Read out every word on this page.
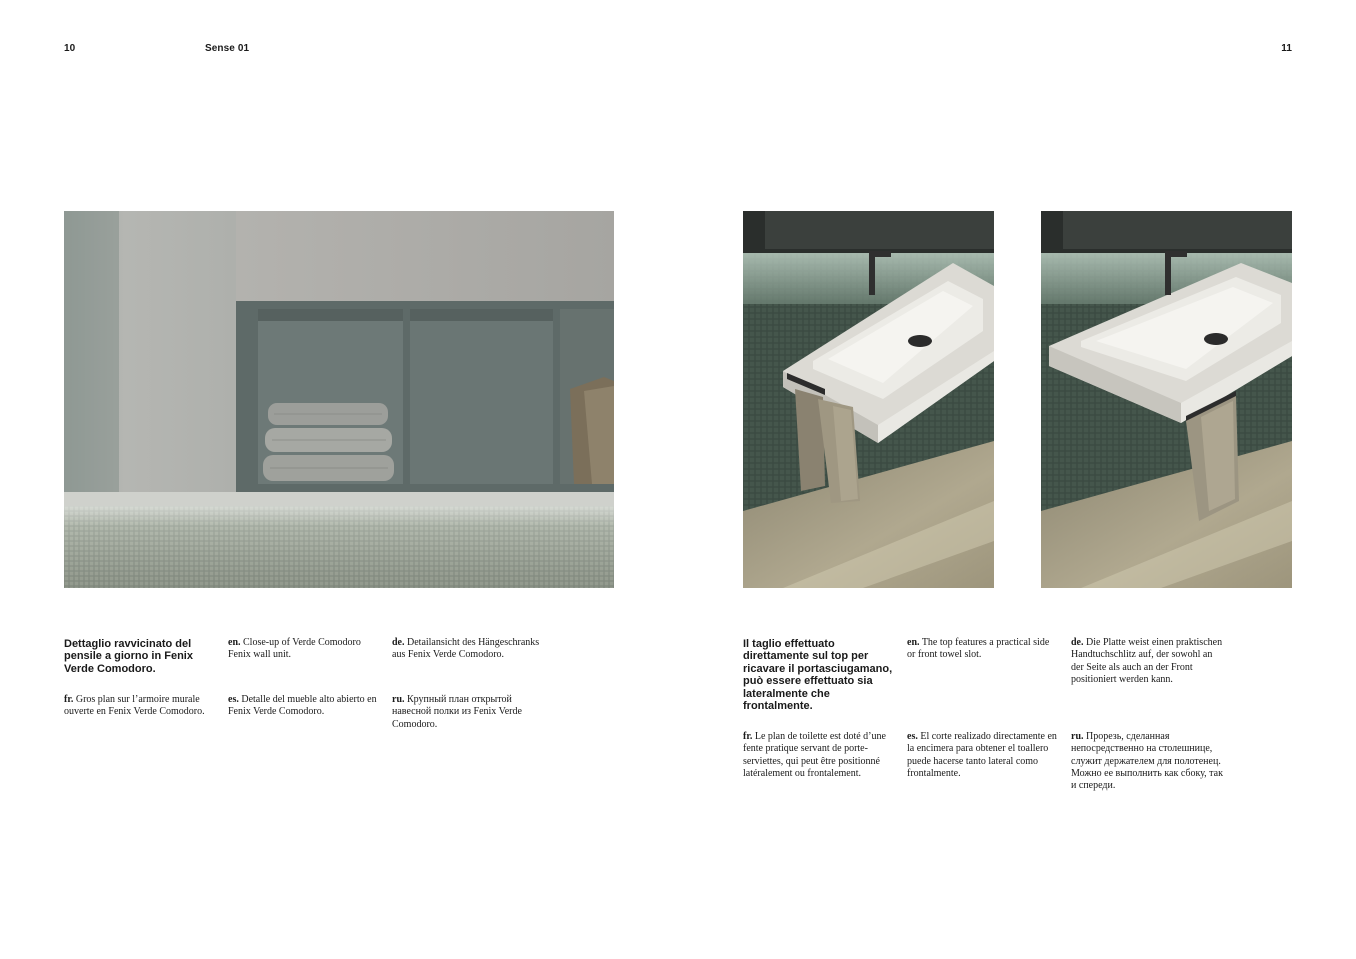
10	Sense 01	11
Dettaglio ravvicinato del pensile a giorno in Fenix Verde Comodoro.
en. Close-up of Verde Comodoro Fenix wall unit.
de. Detailansicht des Hängeschranks aus Fenix Verde Comodoro.
fr. Gros plan sur l’armoire murale ouverte en Fenix Verde Comodoro.
es. Detalle del mueble alto abierto en Fenix Verde Comodoro.
ru. Крупный план открытой навесной полки из Fenix Verde Comodoro.
Il taglio effettuato direttamente sul top per ricavare il portasciugamano, può essere effettuato sia lateralmente che frontalmente.
en. The top features a practical side or front towel slot.
de. Die Platte weist einen praktischen Handtuchschlitz auf, der sowohl an der Seite als auch an der Front positioniert werden kann.
fr. Le plan de toilette est doté d’une fente pratique servant de porte-serviettes, qui peut être positionné latéralement ou frontalement.
es. El corte realizado directamente en la encimera para obtener el toallero puede hacerse tanto lateral como frontalmente.
ru. Прорезь, сделанная непосредственно на столешнице, служит держателем для полотенец. Можно ее выполнить как сбоку, так и спереди.
